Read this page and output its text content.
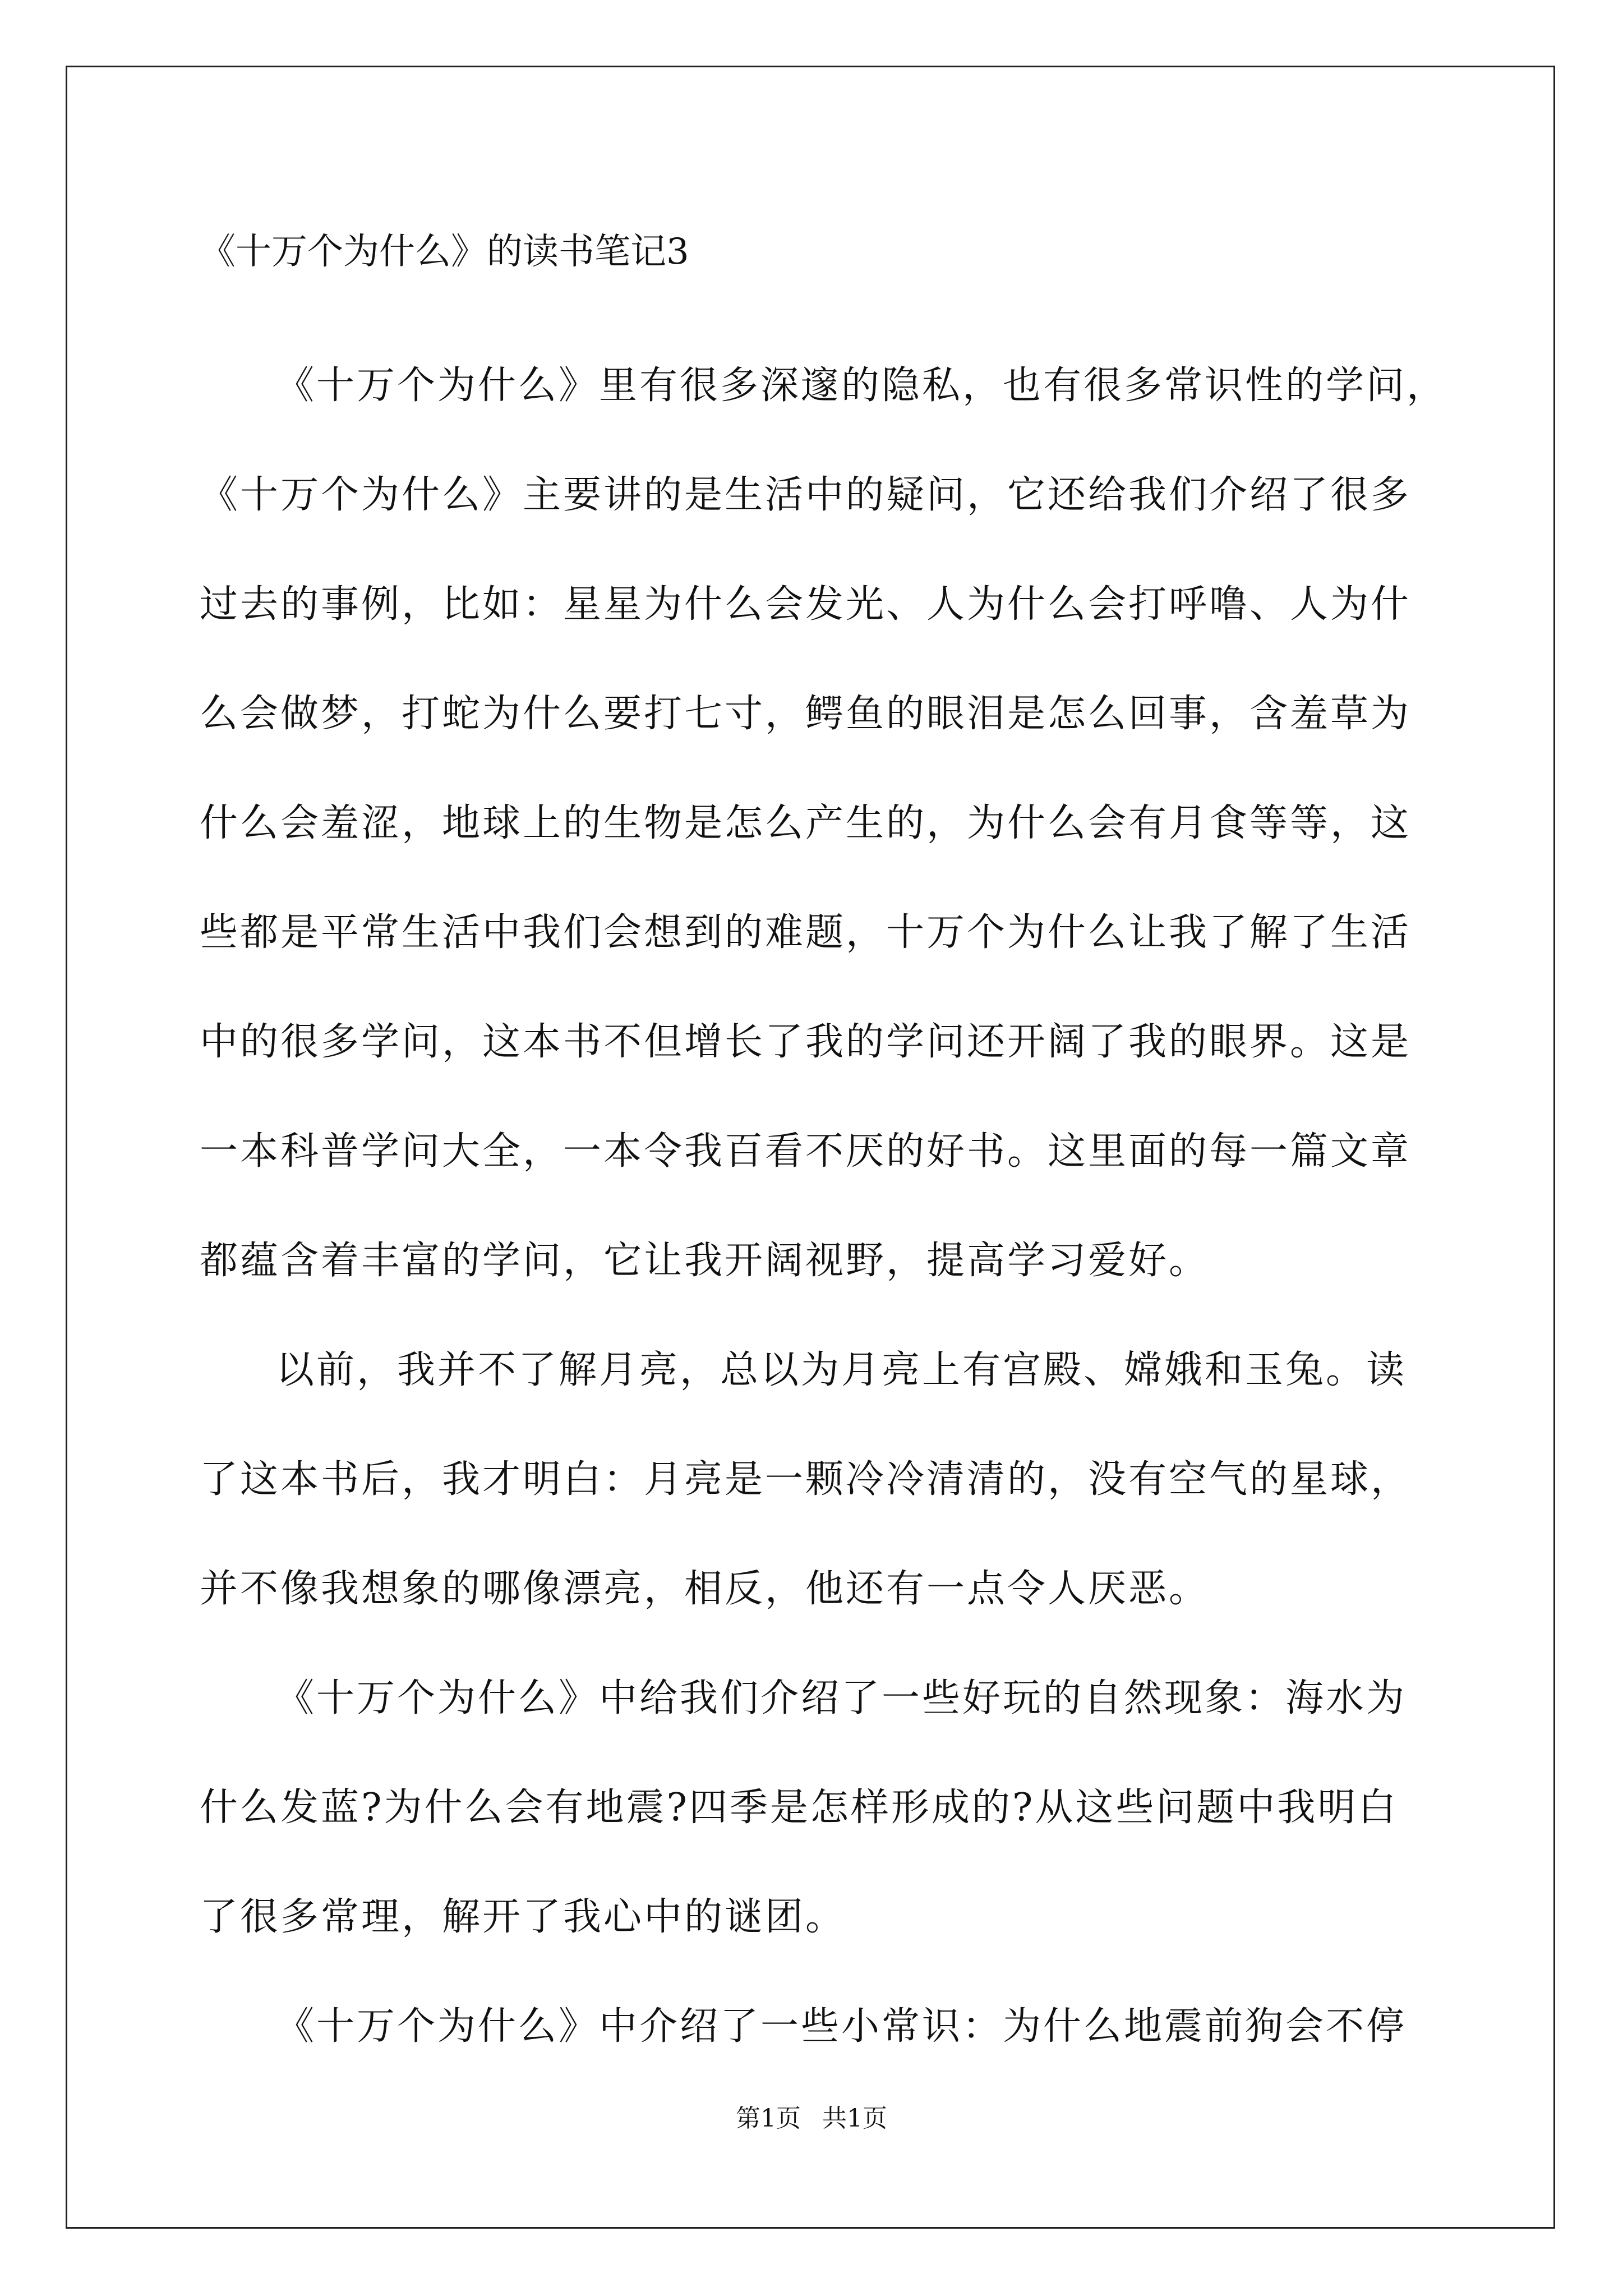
《十万个为什么》的读书笔记3

《十万个为什么》里有很多深邃的隐私，也有很多常识性的学问，
《十万个为什么》主要讲的是生活中的疑问，它还给我们介绍了很多
过去的事例，比如：星星为什么会发光、人为什么会打呼噜、人为什
么会做梦，打蛇为什么要打七寸，鳄鱼的眼泪是怎么回事，含羞草为
什么会羞涩，地球上的生物是怎么产生的，为什么会有月食等等，这
些都是平常生活中我们会想到的难题，十万个为什么让我了解了生活
中的很多学问，这本书不但增长了我的学问还开阔了我的眼界。这是
一本科普学问大全，一本令我百看不厌的好书。这里面的每一篇文章
都蕴含着丰富的学问，它让我开阔视野，提高学习爱好。

以前，我并不了解月亮，总以为月亮上有宫殿、嫦娥和玉兔。读
了这本书后，我才明白：月亮是一颗冷冷清清的，没有空气的星球，
并不像我想象的哪像漂亮，相反，他还有一点令人厌恶。

《十万个为什么》中给我们介绍了一些好玩的自然现象：海水为
什么发蓝?为什么会有地震?四季是怎样形成的?从这些问题中我明白
了很多常理，解开了我心中的谜团。

《十万个为什么》中介绍了一些小常识：为什么地震前狗会不停

第1页 共1页
